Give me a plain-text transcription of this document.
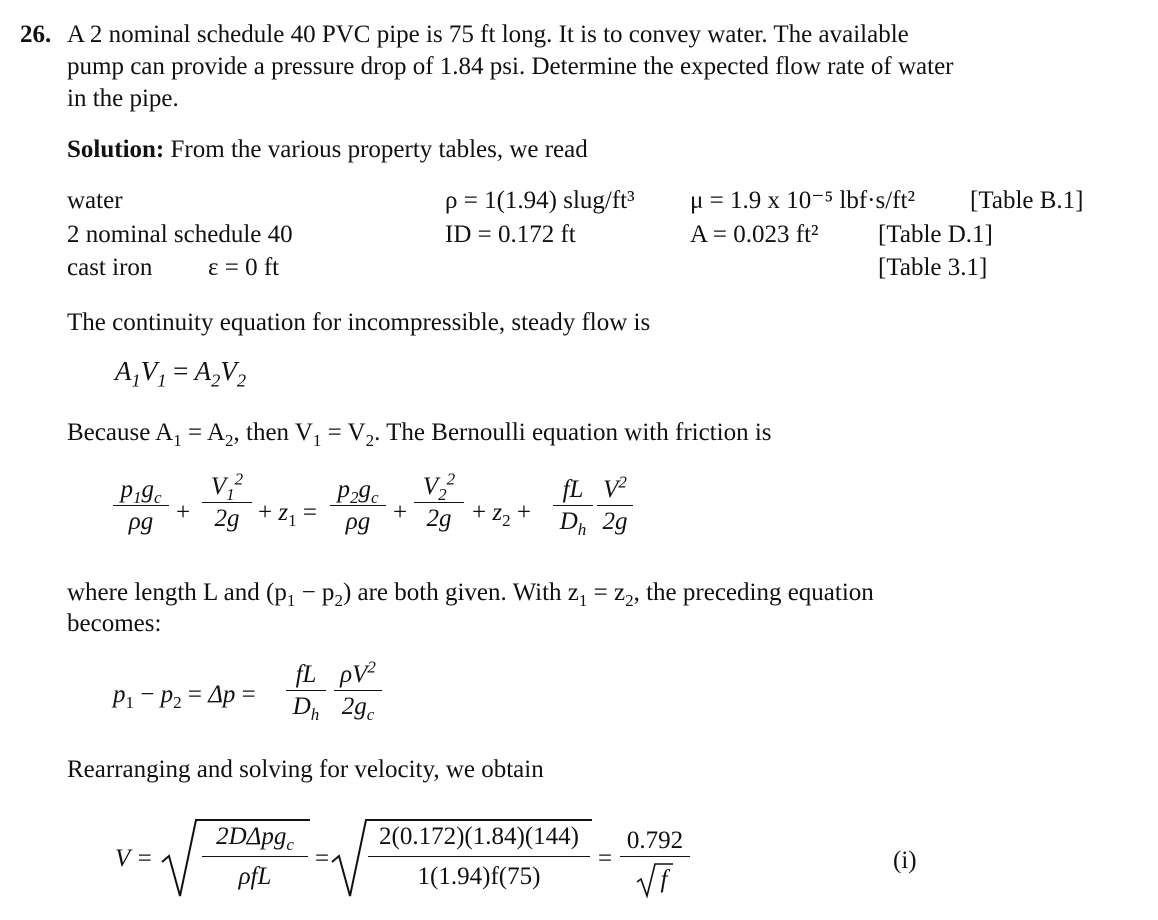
26. A 2 nominal schedule 40 PVC pipe is 75 ft long. It is to convey water. The available
pump can provide a pressure drop of 1.84 psi. Determine the expected flow rate of water
in the pipe.
Solution: From the various property tables, we read
water	ρ = 1(1.94) slug/ft³ μ = 1.9 x 10⁻⁵ lbf·s/ft² [Table B.1]
2 nominal schedule 40	ID = 0.172 ft	A = 0.023 ft² [Table D.1]
cast iron ε = 0 ft	[Table 3.1]
The continuity equation for incompressible, steady flow is
$A_1V_1 = A_2V_2$
Because $A_1 = A_2$, then $V_1 = V_2$. The Bernoulli equation with friction is
$p_1g_c$
ρg +
$V_1^2$
$2g + z_1$ =
$p_2g_c$
ρg +
$V_2^2$
$2g + z_2$ +
fL
$D_h$
$V^2$
2g
where length L and $(p_1 - p_2)$ are both given. With $z_1 = z_2$, the preceding equation
becomes:
$p_1 - p_2 = \Delta p$ =
fL
$D_h$
$\rho V^2$
$2g_c$
Rearranging and solving for velocity, we obtain
V =
2DΔpg$_c$
ρfL
=
2(0.172)(1.84)(144)
1(1.94)f(75)
=
0.792
f
(i)
